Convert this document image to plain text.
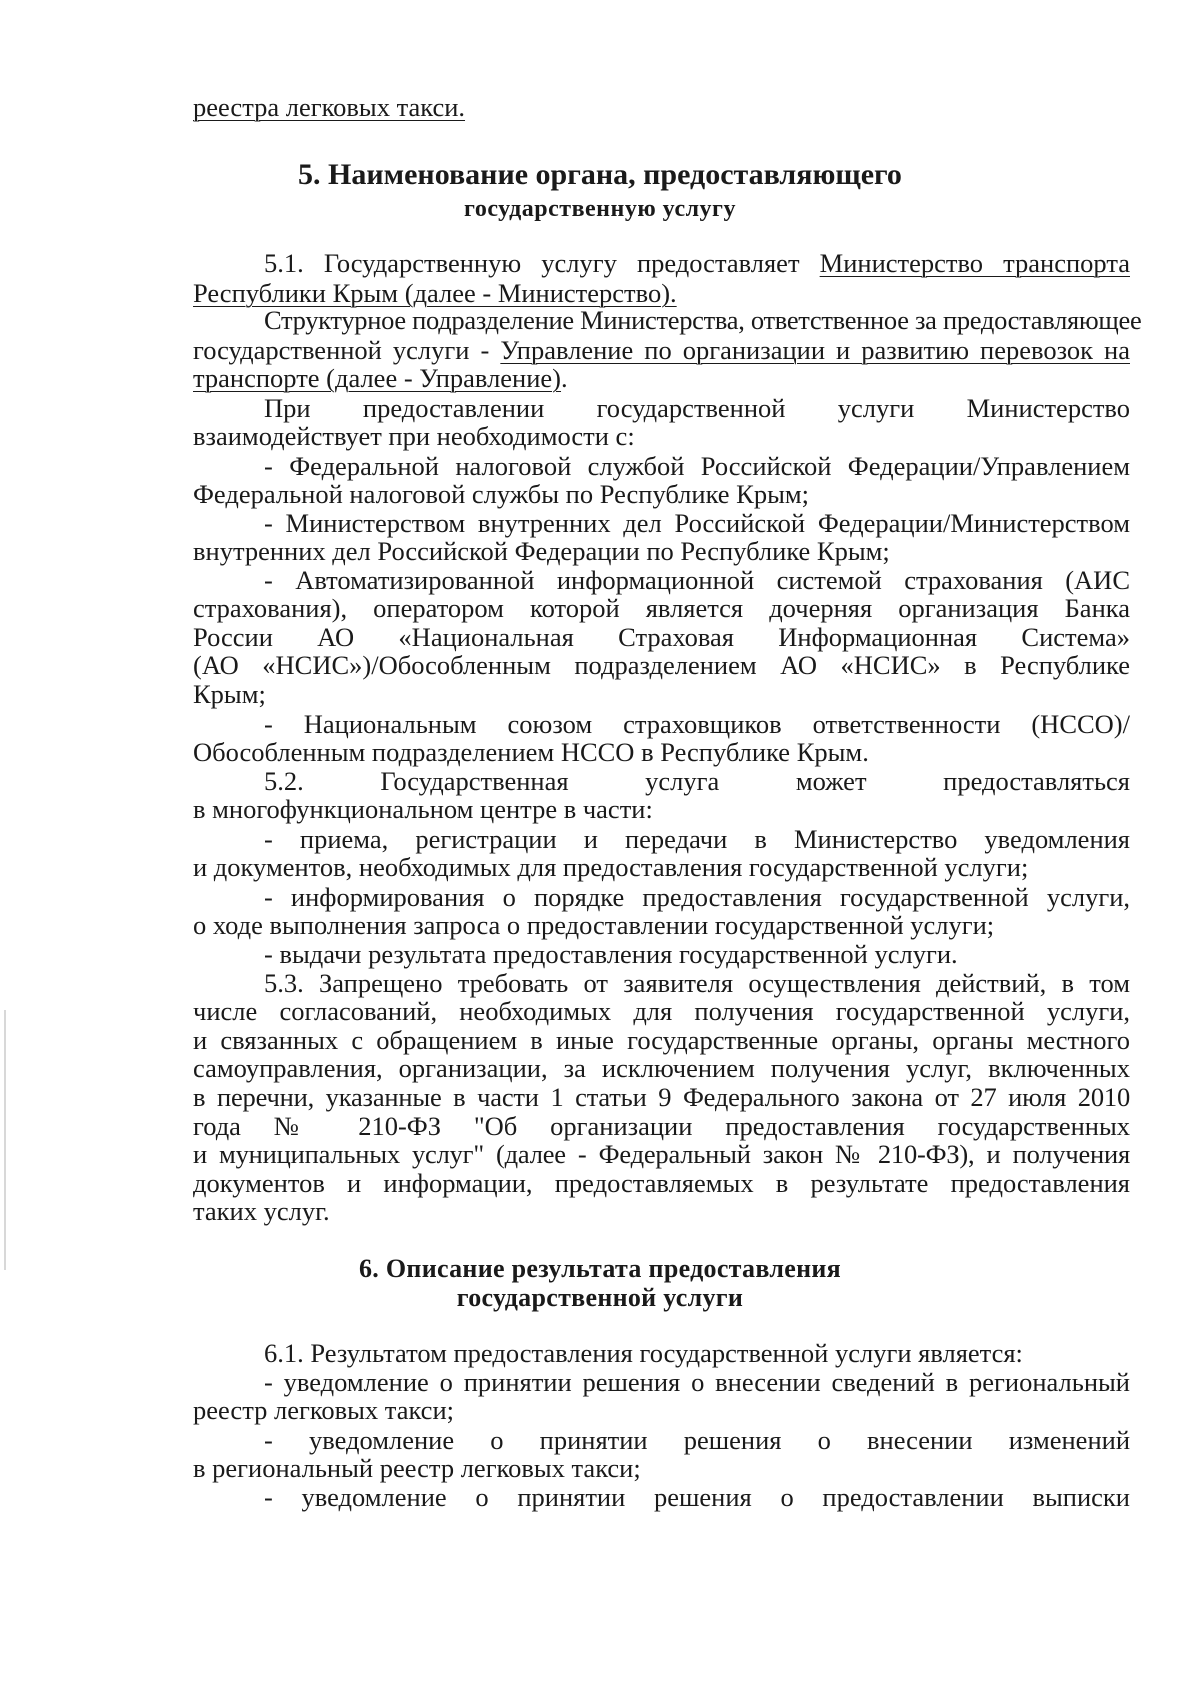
реестра легковых такси.
5. Наименование органа, предоставляющего
государственную услугу
5.1. Государственную услугу предоставляет Министерство транспорта
Республики Крым (далее - Министерство).
Структурное подразделение Министерства, ответственное за предоставляющее
государственной услуги - Управление по организации и развитию перевозок на
транспорте (далее - Управление).
При предоставлении государственной услуги Министерство
взаимодействует при необходимости с:
- Федеральной налоговой службой Российской Федерации/Управлением
Федеральной налоговой службы по Республике Крым;
- Министерством внутренних дел Российской Федерации/Министерством
внутренних дел Российской Федерации по Республике Крым;
- Автоматизированной информационной системой страхования (АИС
страхования), оператором которой является дочерняя организация Банка
России АО «Национальная Страховая Информационная Система»
(АО «НСИС»)/Обособленным подразделением АО «НСИС» в Республике
Крым;
- Национальным союзом страховщиков ответственности (НССО)/
Обособленным подразделением НССО в Республике Крым.
5.2. Государственная услуга может предоставляться
в многофункциональном центре в части:
- приема, регистрации и передачи в Министерство уведомления
и документов, необходимых для предоставления государственной услуги;
- информирования о порядке предоставления государственной услуги,
о ходе выполнения запроса о предоставлении государственной услуги;
- выдачи результата предоставления государственной услуги.
5.3. Запрещено требовать от заявителя осуществления действий, в том
числе согласований, необходимых для получения государственной услуги,
и связанных с обращением в иные государственные органы, органы местного
самоуправления, организации, за исключением получения услуг, включенных
в перечни, указанные в части 1 статьи 9 Федерального закона от 27 июля 2010
года № 210-ФЗ "Об организации предоставления государственных
и муниципальных услуг" (далее - Федеральный закон № 210-ФЗ), и получения
документов и информации, предоставляемых в результате предоставления
таких услуг.
6. Описание результата предоставления
государственной услуги
6.1. Результатом предоставления государственной услуги является:
- уведомление о принятии решения о внесении сведений в региональный
реестр легковых такси;
- уведомление о принятии решения о внесении изменений
в региональный реестр легковых такси;
- уведомление о принятии решения о предоставлении выписки
